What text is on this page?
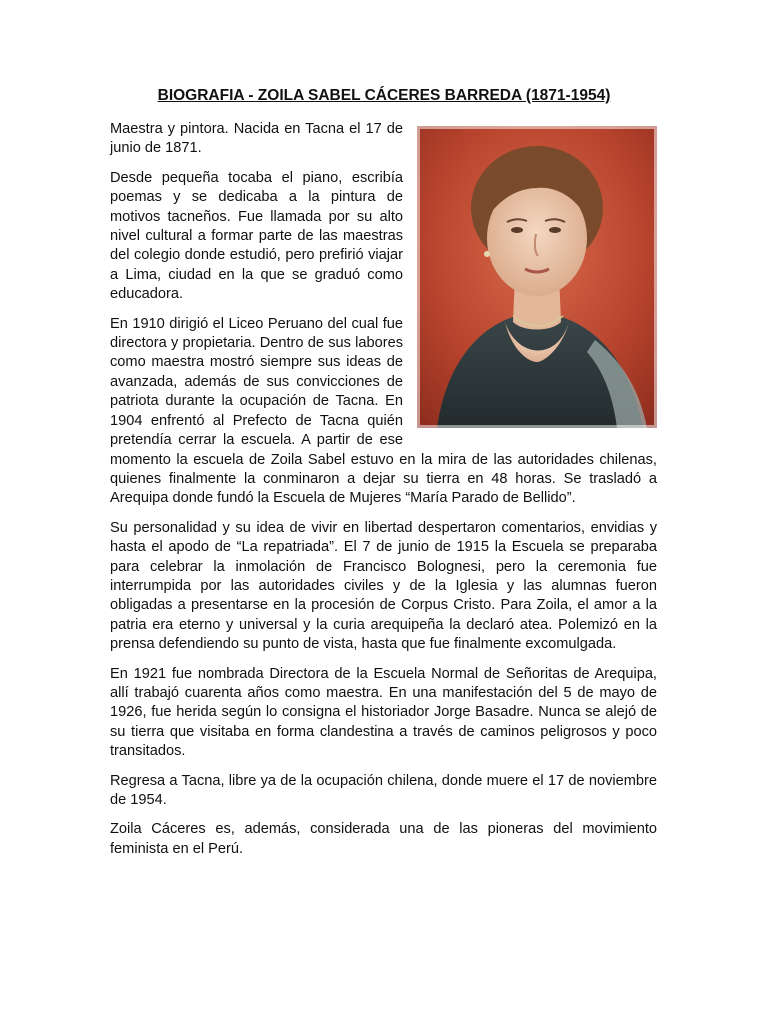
BIOGRAFIA - ZOILA SABEL CÁCERES BARREDA (1871-1954)

Maestra y pintora. Nacida en Tacna el 17 de junio de 1871.

Desde pequeña tocaba el piano, escribía poemas y se dedicaba a la pintura de motivos tacneños. Fue llamada por su alto nivel cultural a formar parte de las maestras del colegio donde estudió, pero prefirió viajar a Lima, ciudad en la que se graduó como educadora.

En 1910 dirigió el Liceo Peruano del cual fue directora y propietaria. Dentro de sus labores como maestra mostró siempre sus ideas de avanzada, además de sus convicciones de patriota durante la ocupación de Tacna. En 1904 enfrentó al Prefecto de Tacna quién pretendía cerrar la escuela. A partir de ese momento la escuela de Zoila Sabel estuvo en la mira de las autoridades chilenas, quienes finalmente la conminaron a dejar su tierra en 48 horas. Se trasladó a Arequipa donde fundó la Escuela de Mujeres “María Parado de Bellido”.

Su personalidad y su idea de vivir en libertad despertaron comentarios, envidias y hasta el apodo de “La repatriada”. El 7 de junio de 1915 la Escuela se preparaba para celebrar la inmolación de Francisco Bolognesi, pero la ceremonia fue interrumpida por las autoridades civiles y de la Iglesia y las alumnas fueron obligadas a presentarse en la procesión de Corpus Cristo. Para Zoila, el amor a la patria era eterno y universal y la curia arequipeña la declaró atea. Polemizó en la prensa defendiendo su punto de vista, hasta que fue finalmente excomulgada.

En 1921 fue nombrada Directora de la Escuela Normal de Señoritas de Arequipa, allí trabajó cuarenta años como maestra. En una manifestación del 5 de mayo de 1926, fue herida según lo consigna el historiador Jorge Basadre. Nunca se alejó de su tierra que visitaba en forma clandestina a través de caminos peligrosos y poco transitados.

Regresa a Tacna, libre ya de la ocupación chilena, donde muere el 17 de noviembre de 1954.

Zoila Cáceres es, además, considerada una de las pioneras del movimiento feminista en el Perú.
